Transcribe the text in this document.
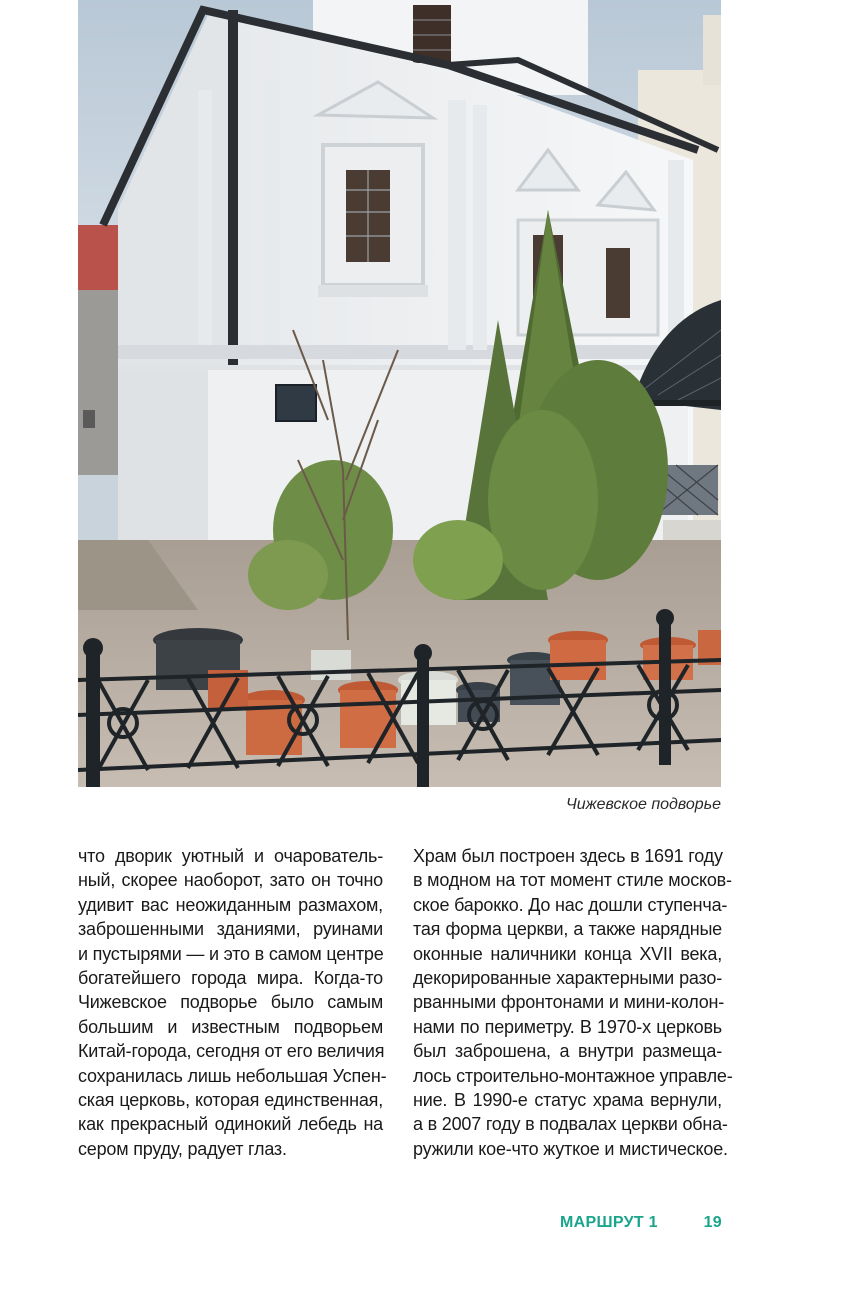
Чижевское подворье
что дворик уютный и очарователь-
ный, скорее наоборот, зато он точно
удивит вас неожиданным размахом,
заброшенными зданиями, руинами
и пустырями — и это в самом центре
богатейшего города мира. Когда-то
Чижевское подворье было самым
большим и известным подворьем
Китай-города, сегодня от его величия
сохранилась лишь небольшая Успен-
ская церковь, которая единственная,
как прекрасный одинокий лебедь на
сером пруду, радует глаз.
Храм был построен здесь в 1691 году
в модном на тот момент стиле москов-
ское барокко. До нас дошли ступенча-
тая форма церкви, а также нарядные
оконные наличники конца XVII века,
декорированные характерными разо-
рванными фронтонами и мини-колон-
нами по периметру. В 1970-х церковь
был заброшена, а внутри размеща-
лось строительно-монтажное управле-
ние. В 1990-е статус храма вернули,
а в 2007 году в подвалах церкви обна-
ружили кое-что жуткое и мистическое.
МАРШРУТ 1	19
